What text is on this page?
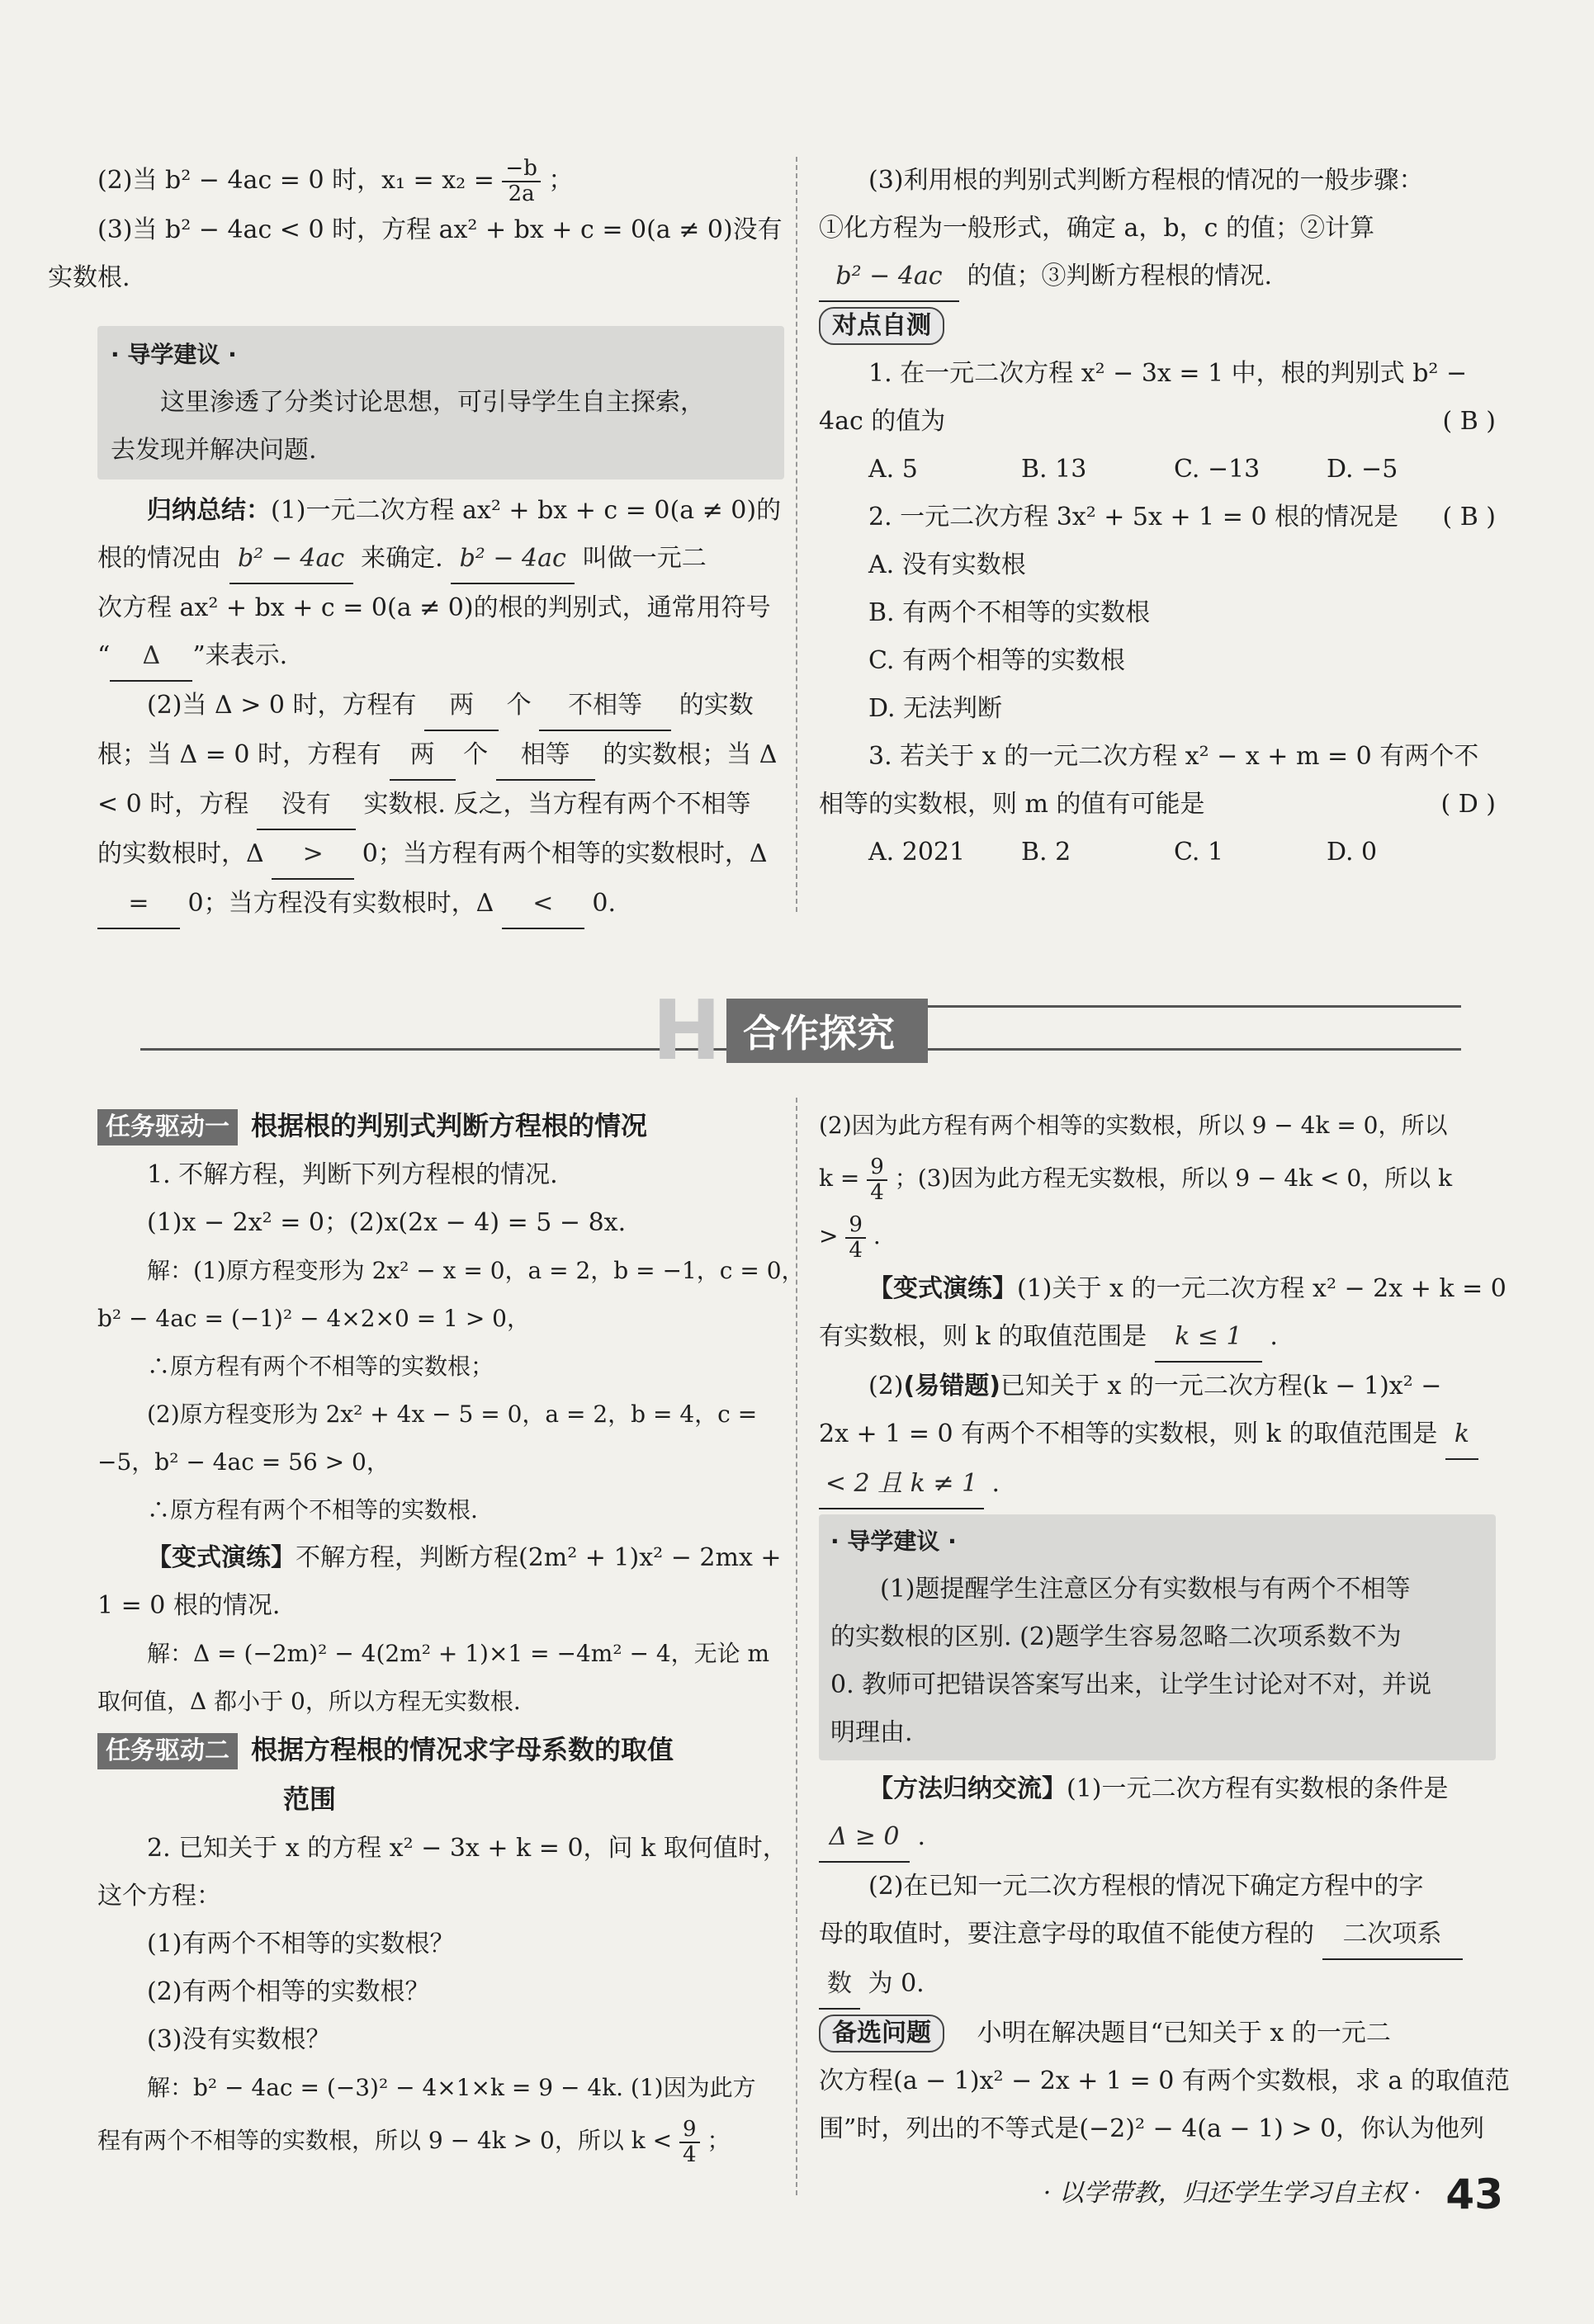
(2)当 b² − 4ac = 0 时，$x_1 = x_2 = \frac{-b}{2a}$ ；

(3)当 b² − 4ac < 0 时，方程 ax² + bx + c = 0(a ≠ 0)没有

实数根.

· 导学建议 ·

这里渗透了分类讨论思想，可引导学生自主探索，

去发现并解决问题.

归纳总结：(1)一元二次方程 ax² + bx + c = 0(a ≠ 0)的

根的情况由 b² − 4ac 来确定. b² − 4ac 叫做一元二

次方程 ax² + bx + c = 0(a ≠ 0)的根的判别式，通常用符号

“ Δ ”来表示.

(2)当 Δ > 0 时，方程有 两 个 不相等 的实数

根；当 Δ = 0 时，方程有 两 个 相等 的实数根；当 Δ

< 0 时，方程 没有 实数根. 反之，当方程有两个不相等

的实数根时，Δ > 0；当方程有两个相等的实数根时，Δ

= 0；当方程没有实数根时，Δ < 0.

(3)利用根的判别式判断方程根的情况的一般步骤：

①化方程为一般形式，确定 a，b，c 的值；②计算

b² − 4ac 的值；③判断方程根的情况.

对点自测

1. 在一元二次方程 x² − 3x = 1 中，根的判别式 b² −

4ac 的值为	( B )

A. 5	B. 13	C. −13	D. −5

2. 一元二次方程 3x² + 5x + 1 = 0 根的情况是 ( B )

A. 没有实数根

B. 有两个不相等的实数根

C. 有两个相等的实数根

D. 无法判断

3. 若关于 x 的一元二次方程 x² − x + m = 0 有两个不

相等的实数根，则 m 的值有可能是	( D )

A. 2021	B. 2	C. 1	D. 0

H 合作探究

任务驱动一 根据根的判别式判断方程根的情况

1. 不解方程，判断下列方程根的情况.

(1)x − 2x² = 0；(2)x(2x − 4) = 5 − 8x.

解：(1)原方程变形为 2x² − x = 0，a = 2，b = −1，c = 0，

b² − 4ac = (−1)² − 4×2×0 = 1 > 0，

∴原方程有两个不相等的实数根；

(2)原方程变形为 2x² + 4x − 5 = 0，a = 2，b = 4，c =

−5，b² − 4ac = 56 > 0，

∴原方程有两个不相等的实数根.

【变式演练】不解方程，判断方程(2m² + 1)x² − 2mx +

1 = 0 根的情况.

解：Δ = (−2m)² − 4(2m² + 1)×1 = −4m² − 4，无论 m

取何值，Δ 都小于 0，所以方程无实数根.

任务驱动二 根据方程根的情况求字母系数的取值

范围

2. 已知关于 x 的方程 x² − 3x + k = 0，问 k 取何值时，

这个方程：

(1)有两个不相等的实数根？

(2)有两个相等的实数根？

(3)没有实数根？

解：b² − 4ac = (−3)² − 4×1×k = 9 − 4k. (1)因为此方

程有两个不相等的实数根，所以 9 − 4k > 0，所以 $k < \frac{9}{4}$ ；

(2)因为此方程有两个相等的实数根，所以 9 − 4k = 0，所以

$k = \frac{9}{4}$ ；(3)因为此方程无实数根，所以 9 − 4k < 0，所以 k

> $\frac{9}{4}$ .

【变式演练】(1)关于 x 的一元二次方程 x² − 2x + k = 0

有实数根，则 k 的取值范围是 k ≤ 1 .

(2)(易错题)已知关于 x 的一元二次方程(k − 1)x² −

2x + 1 = 0 有两个不相等的实数根，则 k 的取值范围是 k

< 2 且 k ≠ 1 .

· 导学建议 ·

(1)题提醒学生注意区分有实数根与有两个不相等

的实数根的区别. (2)题学生容易忽略二次项系数不为

0. 教师可把错误答案写出来，让学生讨论对不对，并说

明理由.

【方法归纳交流】(1)一元二次方程有实数根的条件是

Δ ≥ 0 .

(2)在已知一元二次方程根的情况下确定方程中的字

母的取值时，要注意字母的取值不能使方程的 二次项系

数 为 0.

备选问题 小明在解决题目“已知关于 x 的一元二

次方程(a − 1)x² − 2x + 1 = 0 有两个实数根，求 a 的取值范

围”时，列出的不等式是(−2)² − 4(a − 1) > 0，你认为他列

· 以学带教，归还学生学习自主权 · 43
